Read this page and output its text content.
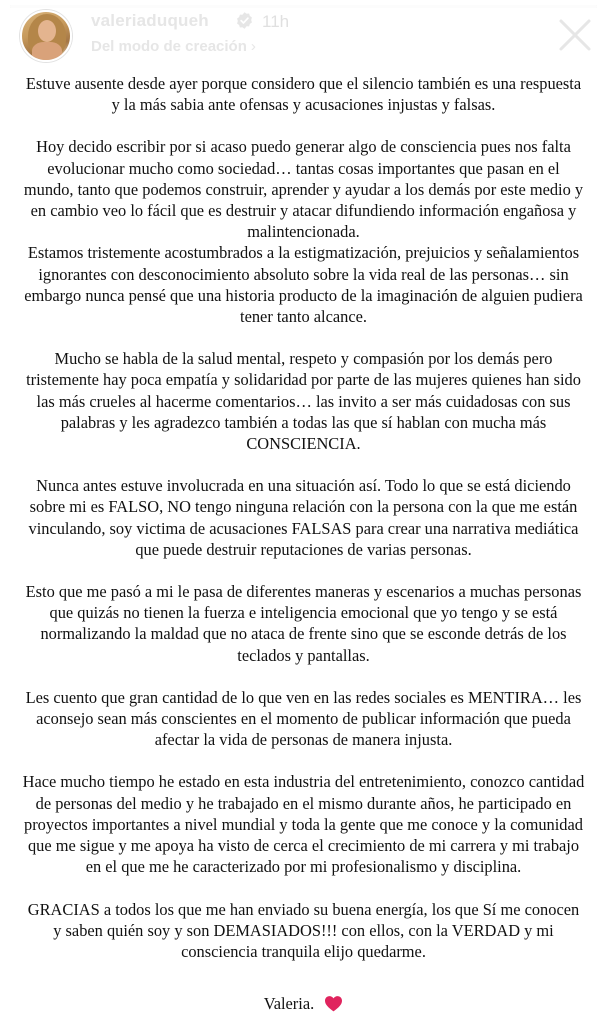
valeriaduqueh	11h
Del modo de creación ›

Estuve ausente desde ayer porque considero que el silencio también es una respuesta y la más sabia ante ofensas y acusaciones injustas y falsas.

Hoy decido escribir por si acaso puedo generar algo de consciencia pues nos falta evolucionar mucho como sociedad… tantas cosas importantes que pasan en el mundo, tanto que podemos construir, aprender y ayudar a los demás por este medio y en cambio veo lo fácil que es destruir y atacar difundiendo información engañosa y malintencionada.

Estamos tristemente acostumbrados a la estigmatización, prejuicios y señalamientos ignorantes con desconocimiento absoluto sobre la vida real de las personas… sin embargo nunca pensé que una historia producto de la imaginación de alguien pudiera tener tanto alcance.

Mucho se habla de la salud mental, respeto y compasión por los demás pero tristemente hay poca empatía y solidaridad por parte de las mujeres quienes han sido las más crueles al hacerme comentarios… las invito a ser más cuidadosas con sus palabras y les agradezco también a todas las que sí hablan con mucha más CONSCIENCIA.

Nunca antes estuve involucrada en una situación así. Todo lo que se está diciendo sobre mi es FALSO, NO tengo ninguna relación con la persona con la que me están vinculando, soy victima de acusaciones FALSAS para crear una narrativa mediática que puede destruir reputaciones de varias personas.

Esto que me pasó a mi le pasa de diferentes maneras y escenarios a muchas personas que quizás no tienen la fuerza e inteligencia emocional que yo tengo y se está normalizando la maldad que no ataca de frente sino que se esconde detrás de los teclados y pantallas.

Les cuento que gran cantidad de lo que ven en las redes sociales es MENTIRA… les aconsejo sean más conscientes en el momento de publicar información que pueda afectar la vida de personas de manera injusta.

Hace mucho tiempo he estado en esta industria del entretenimiento, conozco cantidad de personas del medio y he trabajado en el mismo durante años, he participado en proyectos importantes a nivel mundial y toda la gente que me conoce y la comunidad que me sigue y me apoya ha visto de cerca el crecimiento de mi carrera y mi trabajo en el que me he caracterizado por mi profesionalismo y disciplina.

GRACIAS a todos los que me han enviado su buena energía, los que Sí me conocen y saben quién soy y son DEMASIADOS!!! con ellos, con la VERDAD y mi consciencia tranquila elijo quedarme.

Valeria.
